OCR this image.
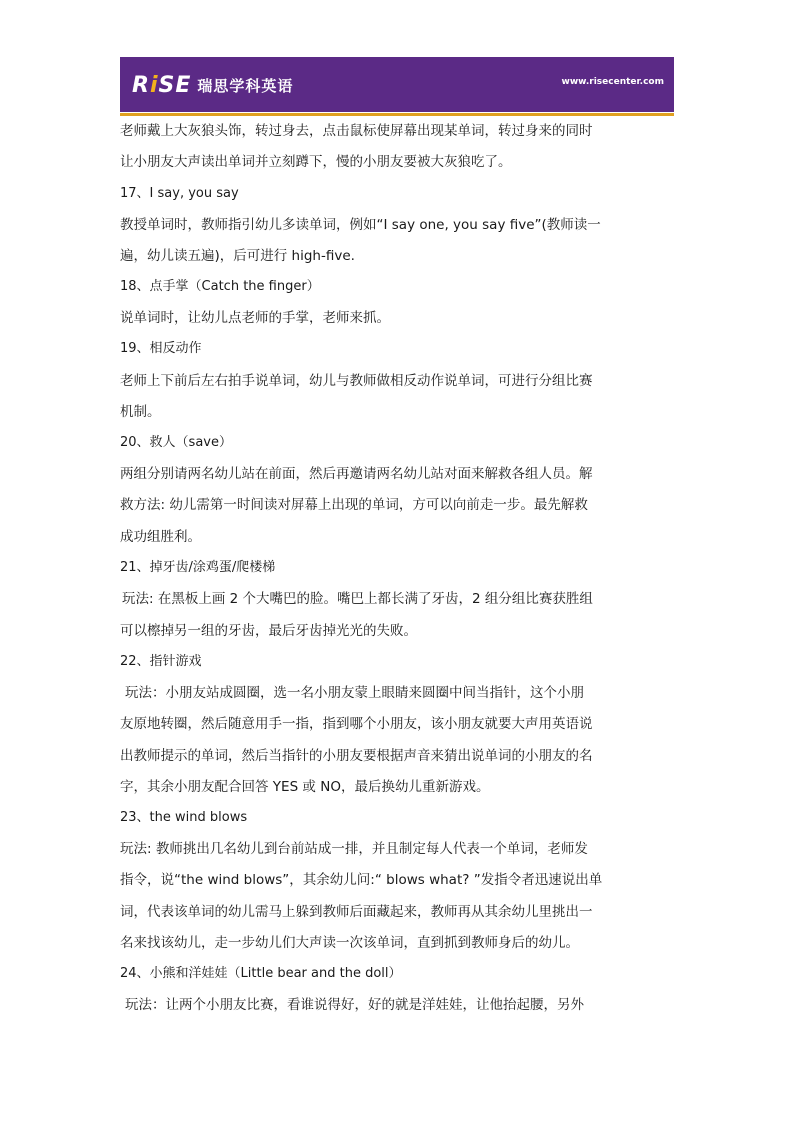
RiSE 瑞思学科英语	www.risecenter.com
老师戴上大灰狼头饰，转过身去，点击鼠标使屏幕出现某单词，转过身来的同时
让小朋友大声读出单词并立刻蹲下，慢的小朋友要被大灰狼吃了。
17、I say, you say
教授单词时，教师指引幼儿多读单词，例如“I say one, you say five”(教师读一
遍，幼儿读五遍)，后可进行 high-five.
18、点手掌（Catch the finger）
说单词时，让幼儿点老师的手掌，老师来抓。
19、相反动作
老师上下前后左右拍手说单词，幼儿与教师做相反动作说单词，可进行分组比赛
机制。
20、救人（save）
两组分别请两名幼儿站在前面，然后再邀请两名幼儿站对面来解救各组人员。解
救方法: 幼儿需第一时间读对屏幕上出现的单词，方可以向前走一步。最先解救
成功组胜利。
21、掉牙齿/涂鸡蛋/爬楼梯
玩法: 在黑板上画 2 个大嘴巴的脸。嘴巴上都长满了牙齿，2 组分组比赛获胜组
可以檫掉另一组的牙齿，最后牙齿掉光光的失败。
22、指针游戏
玩法：小朋友站成圆圈，选一名小朋友蒙上眼睛来圆圈中间当指针，这个小朋
友原地转圈，然后随意用手一指，指到哪个小朋友，该小朋友就要大声用英语说
出教师提示的单词，然后当指针的小朋友要根据声音来猜出说单词的小朋友的名
字，其余小朋友配合回答 YES 或 NO，最后换幼儿重新游戏。
23、the wind blows
玩法: 教师挑出几名幼儿到台前站成一排，并且制定每人代表一个单词，老师发
指令，说“the wind blows”，其余幼儿问:“ blows what? ”发指令者迅速说出单
词，代表该单词的幼儿需马上躲到教师后面藏起来，教师再从其余幼儿里挑出一
名来找该幼儿，走一步幼儿们大声读一次该单词，直到抓到教师身后的幼儿。
24、小熊和洋娃娃（Little bear and the doll）
玩法：让两个小朋友比赛，看谁说得好，好的就是洋娃娃，让他抬起腰，另外
